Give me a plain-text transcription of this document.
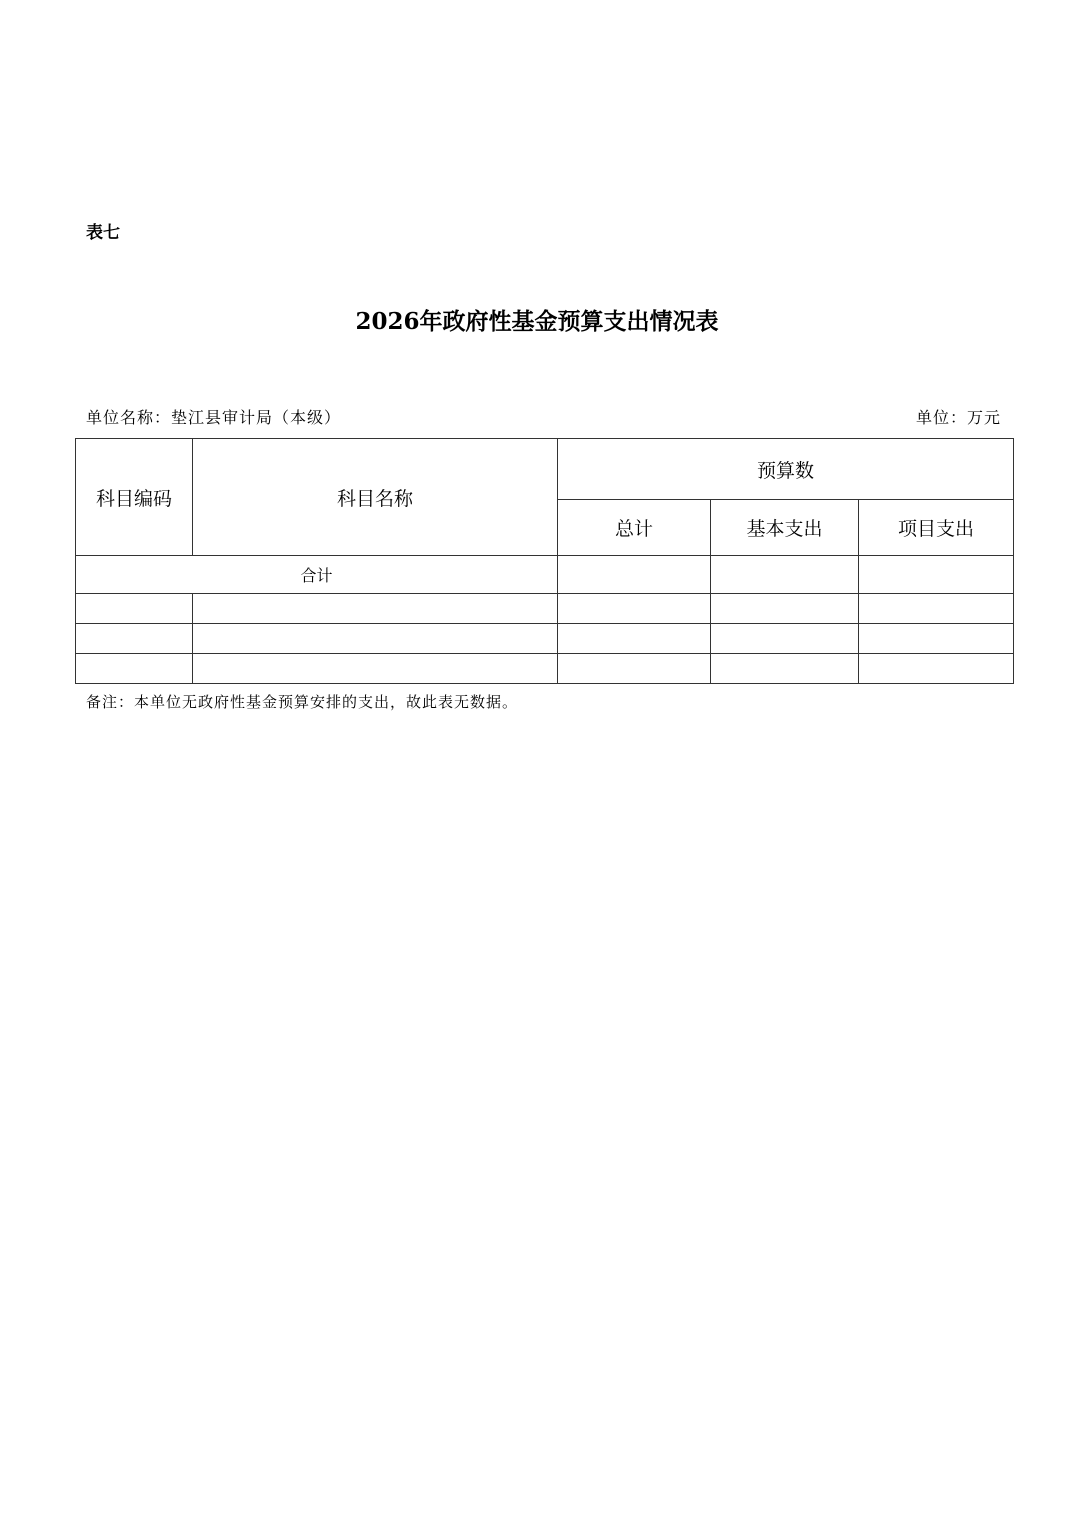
表七
2026年政府性基金预算支出情况表
单位名称：垫江县审计局（本级）	单位：万元
科目编码	科目名称	预算数		
		总计	基本支出	项目支出
合计				

备注：本单位无政府性基金预算安排的支出，故此表无数据。
